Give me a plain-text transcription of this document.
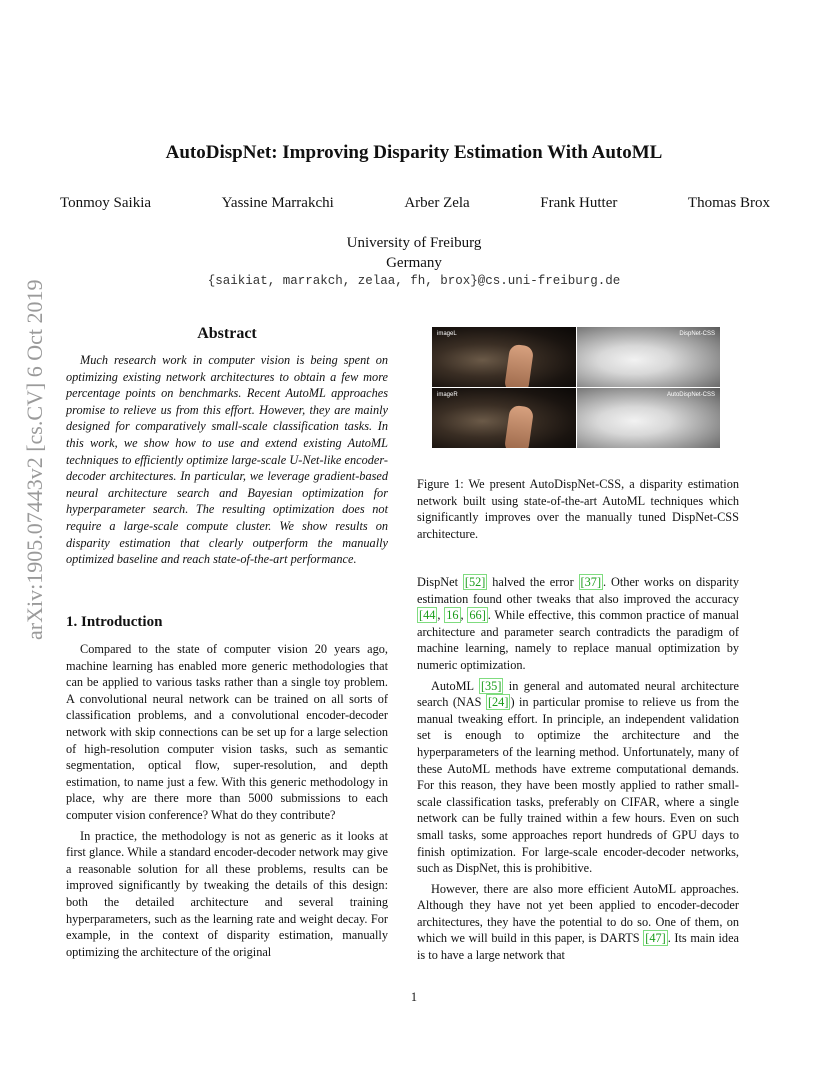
arXiv:1905.07443v2 [cs.CV] 6 Oct 2019
AutoDispNet: Improving Disparity Estimation With AutoML
Tonmoy Saikia	Yassine Marrakchi	Arber Zela	Frank Hutter	Thomas Brox
University of Freiburg
Germany
{saikiat, marrakch, zelaa, fh, brox}@cs.uni-freiburg.de
Abstract

Much research work in computer vision is being spent on optimizing existing network architectures to obtain a few more percentage points on benchmarks. Recent AutoML approaches promise to relieve us from this effort. However, they are mainly designed for comparatively small-scale classification tasks. In this work, we show how to use and extend existing AutoML techniques to efficiently optimize large-scale U-Net-like encoder-decoder architectures. In particular, we leverage gradient-based neural architecture search and Bayesian optimization for hyperparameter search. The resulting optimization does not require a large-scale compute cluster. We show results on disparity estimation that clearly outperform the manually optimized baseline and reach state-of-the-art performance.

1. Introduction

Compared to the state of computer vision 20 years ago, machine learning has enabled more generic methodologies that can be applied to various tasks rather than a single toy problem. A convolutional neural network can be trained on all sorts of classification problems, and a convolutional encoder-decoder network with skip connections can be set up for a large selection of high-resolution computer vision tasks, such as semantic segmentation, optical flow, super-resolution, and depth estimation, to name just a few. With this generic methodology in place, why are there more than 5000 submissions to each computer vision conference? What do they contribute?

In practice, the methodology is not as generic as it looks at first glance. While a standard encoder-decoder network may give a reasonable solution for all these problems, results can be improved significantly by tweaking the details of this design: both the detailed architecture and several training hyperparameters, such as the learning rate and weight decay. For example, in the context of disparity estimation, manually optimizing the architecture of the original

imageL	DispNet-CSS
imageR	AutoDispNet-CSS

Figure 1: We present AutoDispNet-CSS, a disparity estimation network built using state-of-the-art AutoML techniques which significantly improves over the manually tuned DispNet-CSS architecture.

DispNet [52] halved the error [37] . Other works on disparity estimation found other tweaks that also improved the accuracy [44 , 16 , 66] . While effective, this common practice of manual architecture and parameter search contradicts the paradigm of machine learning, namely to replace manual optimization by numeric optimization.

AutoML [35] in general and automated neural architecture search (NAS [24] ) in particular promise to relieve us from the manual tweaking effort. In principle, an independent validation set is enough to optimize the architecture and the hyperparameters of the learning method. Unfortunately, many of these AutoML methods have extreme computational demands. For this reason, they have been mostly applied to rather small-scale classification tasks, preferably on CIFAR, where a single network can be fully trained within a few hours. Even on such small tasks, some approaches report hundreds of GPU days to finish optimization. For large-scale encoder-decoder networks, such as DispNet, this is prohibitive.

However, there are also more efficient AutoML approaches. Although they have not yet been applied to encoder-decoder architectures, they have the potential to do so. One of them, on which we will build in this paper, is DARTS [47] . Its main idea is to have a large network that

1
